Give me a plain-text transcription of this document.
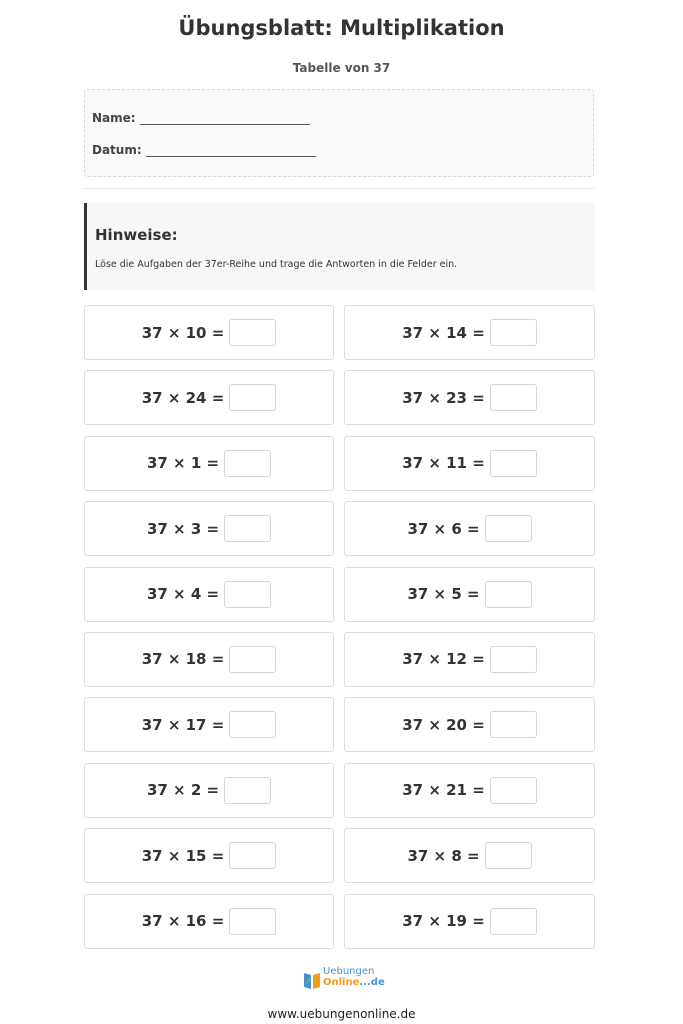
Übungsblatt: Multiplikation
Tabelle von 37
Name:
Datum:
Hinweise:
Löse die Aufgaben der 37er-Reihe und trage die Antworten in die Felder ein.
37 × 10 =	37 × 14 =
37 × 24 =	37 × 23 =
37 × 1 =	37 × 11 =
37 × 3 =	37 × 6 =
37 × 4 =	37 × 5 =
37 × 18 =	37 × 12 =
37 × 17 =	37 × 20 =
37 × 2 =	37 × 21 =
37 × 15 =	37 × 8 =
37 × 16 =	37 × 19 =
Uebungen
Online...de
www.uebungenonline.de
